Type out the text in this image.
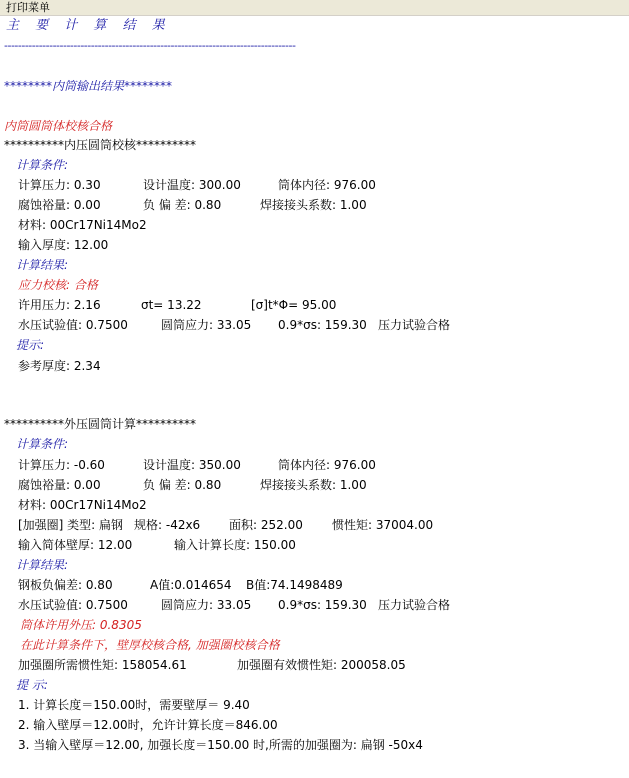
打印菜单
主 要 计 算 结 果
------------------------------------------------------------------------------------
********内筒输出结果********
内筒圆筒体校核合格
**********内压圆筒校核**********
计算条件:
计算压力: 0.30	设计温度: 300.00	筒体内径: 976.00
腐蚀裕量: 0.00	负 偏 差: 0.80	焊接接头系数: 1.00
材料: 00Cr17Ni14Mo2
输入厚度: 12.00
计算结果:
应力校核: 合格
许用压力: 2.16	σt= 13.22	[σ]t*Φ= 95.00
水压试验值: 0.7500	圆筒应力: 33.05 0.9*σs: 159.30 压力试验合格
提示:
参考厚度: 2.34
**********外压圆筒计算**********
计算条件:
计算压力: -0.60	设计温度: 350.00	筒体内径: 976.00
腐蚀裕量: 0.00	负 偏 差: 0.80	焊接接头系数: 1.00
材料: 00Cr17Ni14Mo2
[加强圈] 类型: 扁钢 规格: -42x6 面积: 252.00 惯性矩: 37004.00
输入简体壁厚: 12.00	输入计算长度: 150.00
计算结果:
钢板负偏差: 0.80	A值:0.014654 B值:74.1498489
水压试验值: 0.7500	圆筒应力: 33.05 0.9*σs: 159.30 压力试验合格
筒体许用外压: 0.8305
在此计算条件下，壁厚校核合格, 加强圈校核合格
加强圈所需惯性矩: 158054.61	加强圈有效惯性矩: 200058.05
提 示:
1. 计算长度＝150.00时，需要壁厚＝ 9.40
2. 输入壁厚＝12.00时，允许计算长度＝846.00
3. 当输入壁厚＝12.00, 加强长度＝150.00 时,所需的加强圈为: 扁钢 -50x4
